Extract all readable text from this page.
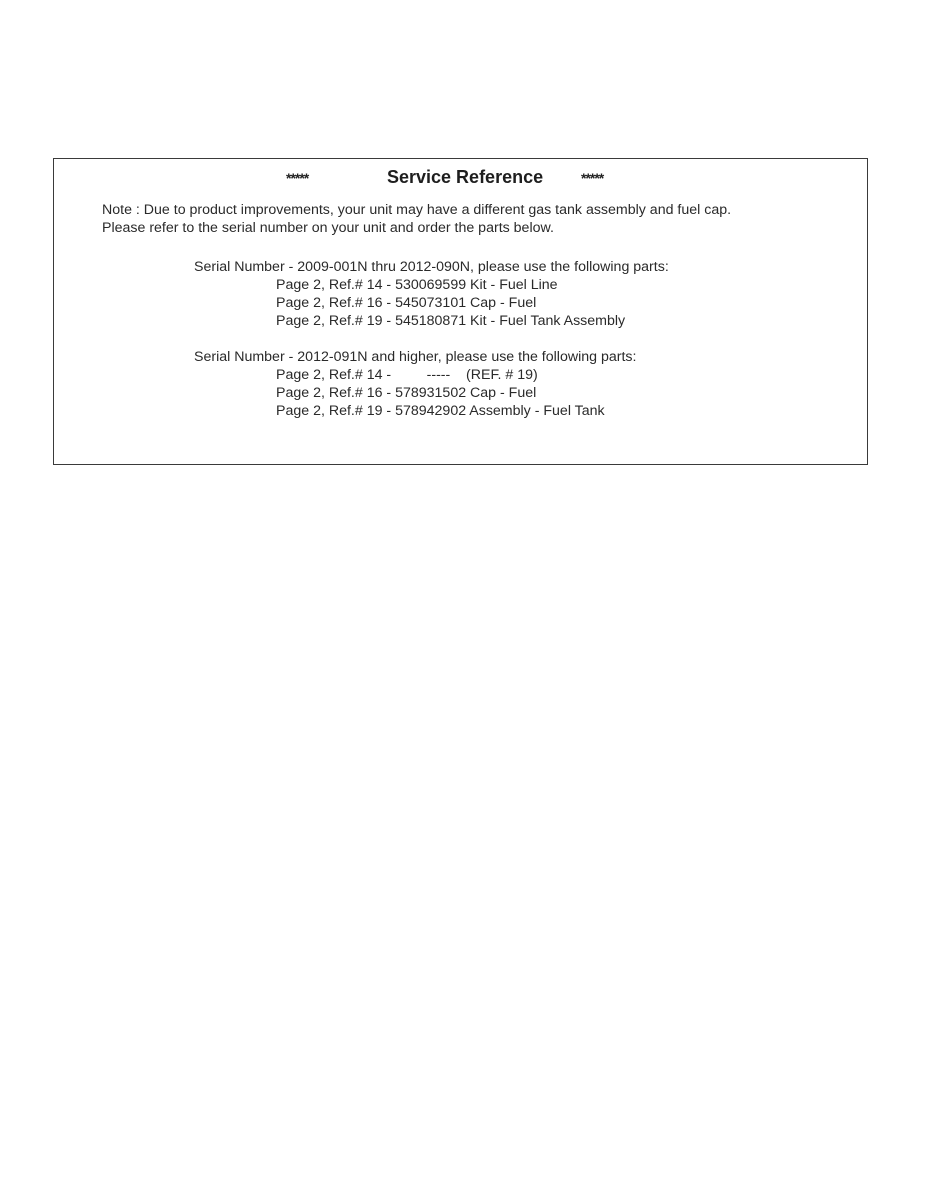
*****	Service Reference	*****
Note : Due to product improvements, your unit may have a different gas tank assembly and fuel cap.
Please refer to the serial number on your unit and order the parts below.
Serial Number - 2009-001N thru 2012-090N, please use the following parts:
Page 2, Ref.# 14 - 530069599 Kit - Fuel Line
Page 2, Ref.# 16 - 545073101 Cap - Fuel
Page 2, Ref.# 19 - 545180871 Kit - Fuel Tank Assembly
Serial Number - 2012-091N and higher, please use the following parts:
Page 2, Ref.# 14 -         -----    (REF. # 19)
Page 2, Ref.# 16 - 578931502 Cap - Fuel
Page 2, Ref.# 19 - 578942902 Assembly - Fuel Tank
